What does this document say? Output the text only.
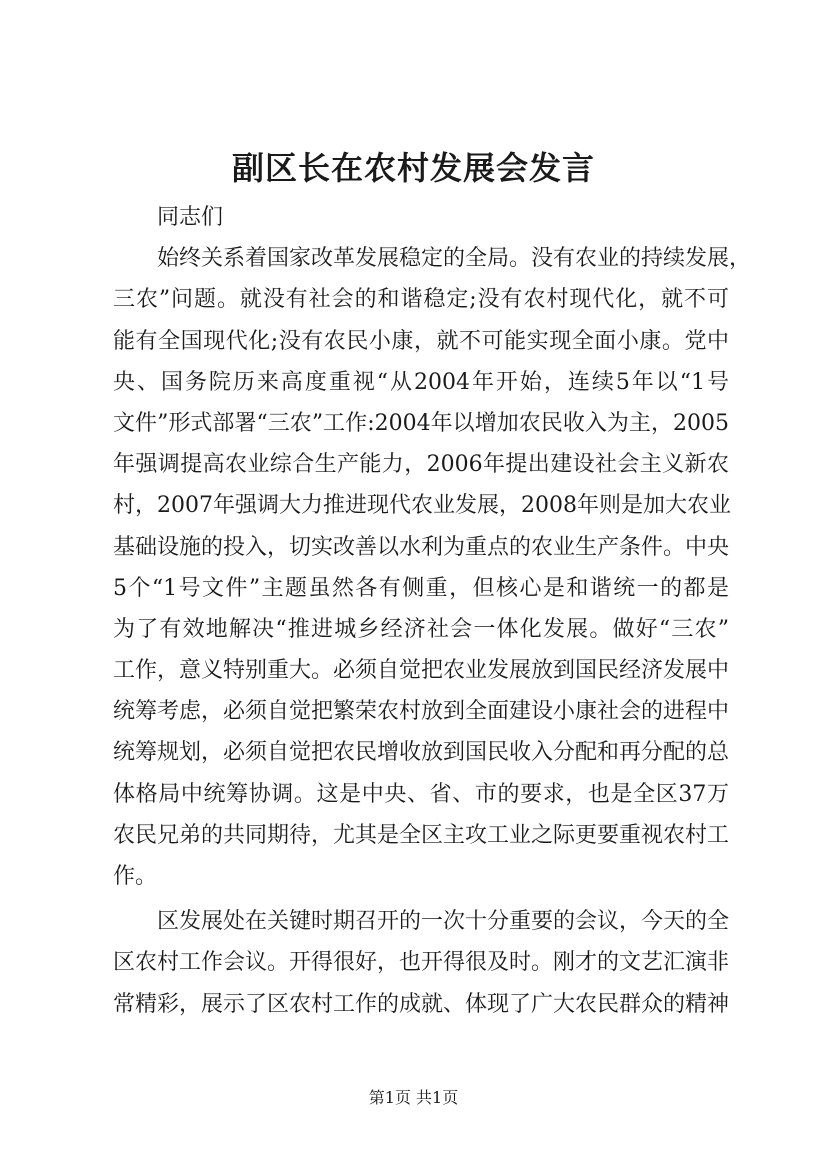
副区长在农村发展会发言
同志们
始终关系着国家改革发展稳定的全局。没有农业的持续发展，
三农”问题。就没有社会的和谐稳定;没有农村现代化，就不可
能有全国现代化;没有农民小康，就不可能实现全面小康。党中
央、国务院历来高度重视“从2004年开始，连续5年以“1号
文件”形式部署“三农”工作:2004年以增加农民收入为主，2005
年强调提高农业综合生产能力，2006年提出建设社会主义新农
村，2007年强调大力推进现代农业发展，2008年则是加大农业
基础设施的投入，切实改善以水利为重点的农业生产条件。中央
5个“1号文件”主题虽然各有侧重，但核心是和谐统一的都是
为了有效地解决“推进城乡经济社会一体化发展。做好“三农”
工作，意义特别重大。必须自觉把农业发展放到国民经济发展中
统筹考虑，必须自觉把繁荣农村放到全面建设小康社会的进程中
统筹规划，必须自觉把农民增收放到国民收入分配和再分配的总
体格局中统筹协调。这是中央、省、市的要求，也是全区37万
农民兄弟的共同期待，尤其是全区主攻工业之际更要重视农村工
作。
区发展处在关键时期召开的一次十分重要的会议，今天的全
区农村工作会议。开得很好，也开得很及时。刚才的文艺汇演非
常精彩，展示了区农村工作的成就、体现了广大农民群众的精神
第1页 共1页
